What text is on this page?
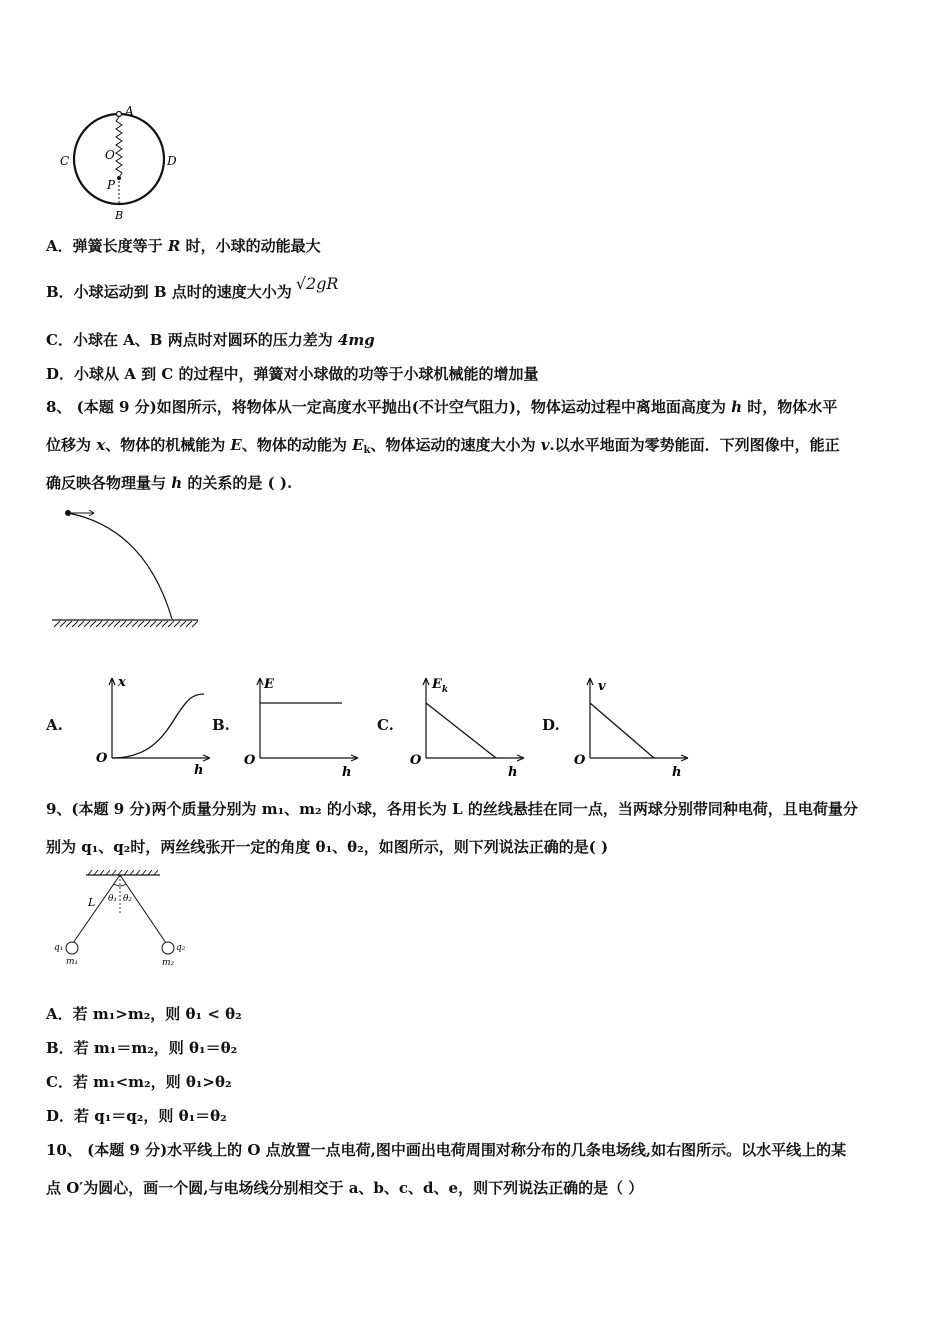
A
C	O	D
P
B
A．弹簧长度等于 R 时，小球的动能最大
B．小球运动到 B 点时的速度大小为 √2gR
C．小球在 A、B 两点时对圆环的压力差为 4mg
D．小球从 A 到 C 的过程中，弹簧对小球做的功等于小球机械能的增加量
8、 (本题 9 分)如图所示，将物体从一定高度水平抛出(不计空气阻力)，物体运动过程中离地面高度为 h 时，物体水平
位移为 x、物体的机械能为 E、物体的动能为 $E_k$、物体运动的速度大小为 v.以水平地面为零势能面．下列图像中，能正
确反映各物理量与 h 的关系的是 ( ).
A.
x
O
h
B.
E
O
h
C.
$E_k$
O
h
D.
v
O
h
9、(本题 9 分)两个质量分别为 m₁、m₂ 的小球，各用长为 L 的丝线悬挂在同一点，当两球分别带同种电荷，且电荷量分
别为 q₁、q₂时，两丝线张开一定的角度 θ₁、θ₂，如图所示，则下列说法正确的是( )
L θ₁ θ₂
q₁	q₂
m₁	m₂
A．若 m₁>m₂，则 θ₁ < θ₂
B．若 m₁＝m₂，则 θ₁＝θ₂
C．若 m₁<m₂，则 θ₁>θ₂
D．若 q₁＝q₂，则 θ₁＝θ₂
10、 (本题 9 分)水平线上的 O 点放置一点电荷,图中画出电荷周围对称分布的几条电场线,如右图所示。以水平线上的某
点 O′为圆心，画一个圆,与电场线分别相交于 a、b、c、d、e，则下列说法正确的是（ ）
